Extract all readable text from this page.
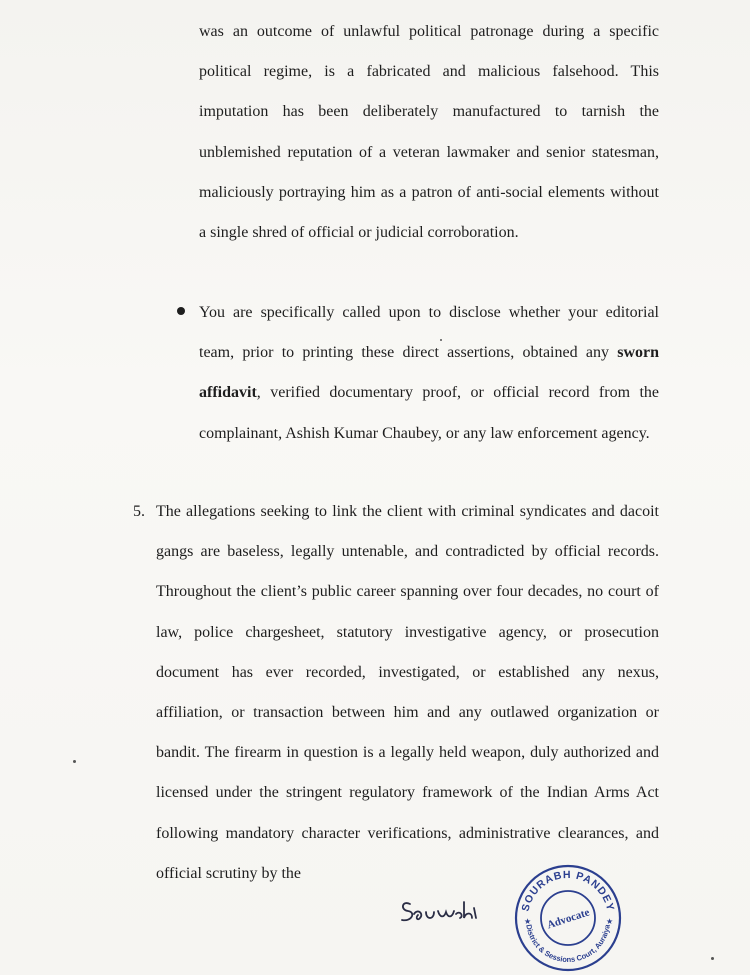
was an outcome of unlawful political patronage during a specific political regime, is a fabricated and malicious falsehood. This imputation has been deliberately manufactured to tarnish the unblemished reputation of a veteran lawmaker and senior statesman, maliciously portraying him as a patron of anti-social elements without a single shred of official or judicial corroboration.

You are specifically called upon to disclose whether your editorial team, prior to printing these direct assertions, obtained any sworn affidavit, verified documentary proof, or official record from the complainant, Ashish Kumar Chaubey, or any law enforcement agency.

5. The allegations seeking to link the client with criminal syndicates and dacoit gangs are baseless, legally untenable, and contradicted by official records. Throughout the client’s public career spanning over four decades, no court of law, police chargesheet, statutory investigative agency, or prosecution document has ever recorded, investigated, or established any nexus, affiliation, or transaction between him and any outlawed organization or bandit. The firearm in question is a legally held weapon, duly authorized and licensed under the stringent regulatory framework of the Indian Arms Act following mandatory character verifications, administrative clearances, and official scrutiny by the

SOURABH PANDEY
District & Sessions Court, Auraiya
Advocate
★	★
